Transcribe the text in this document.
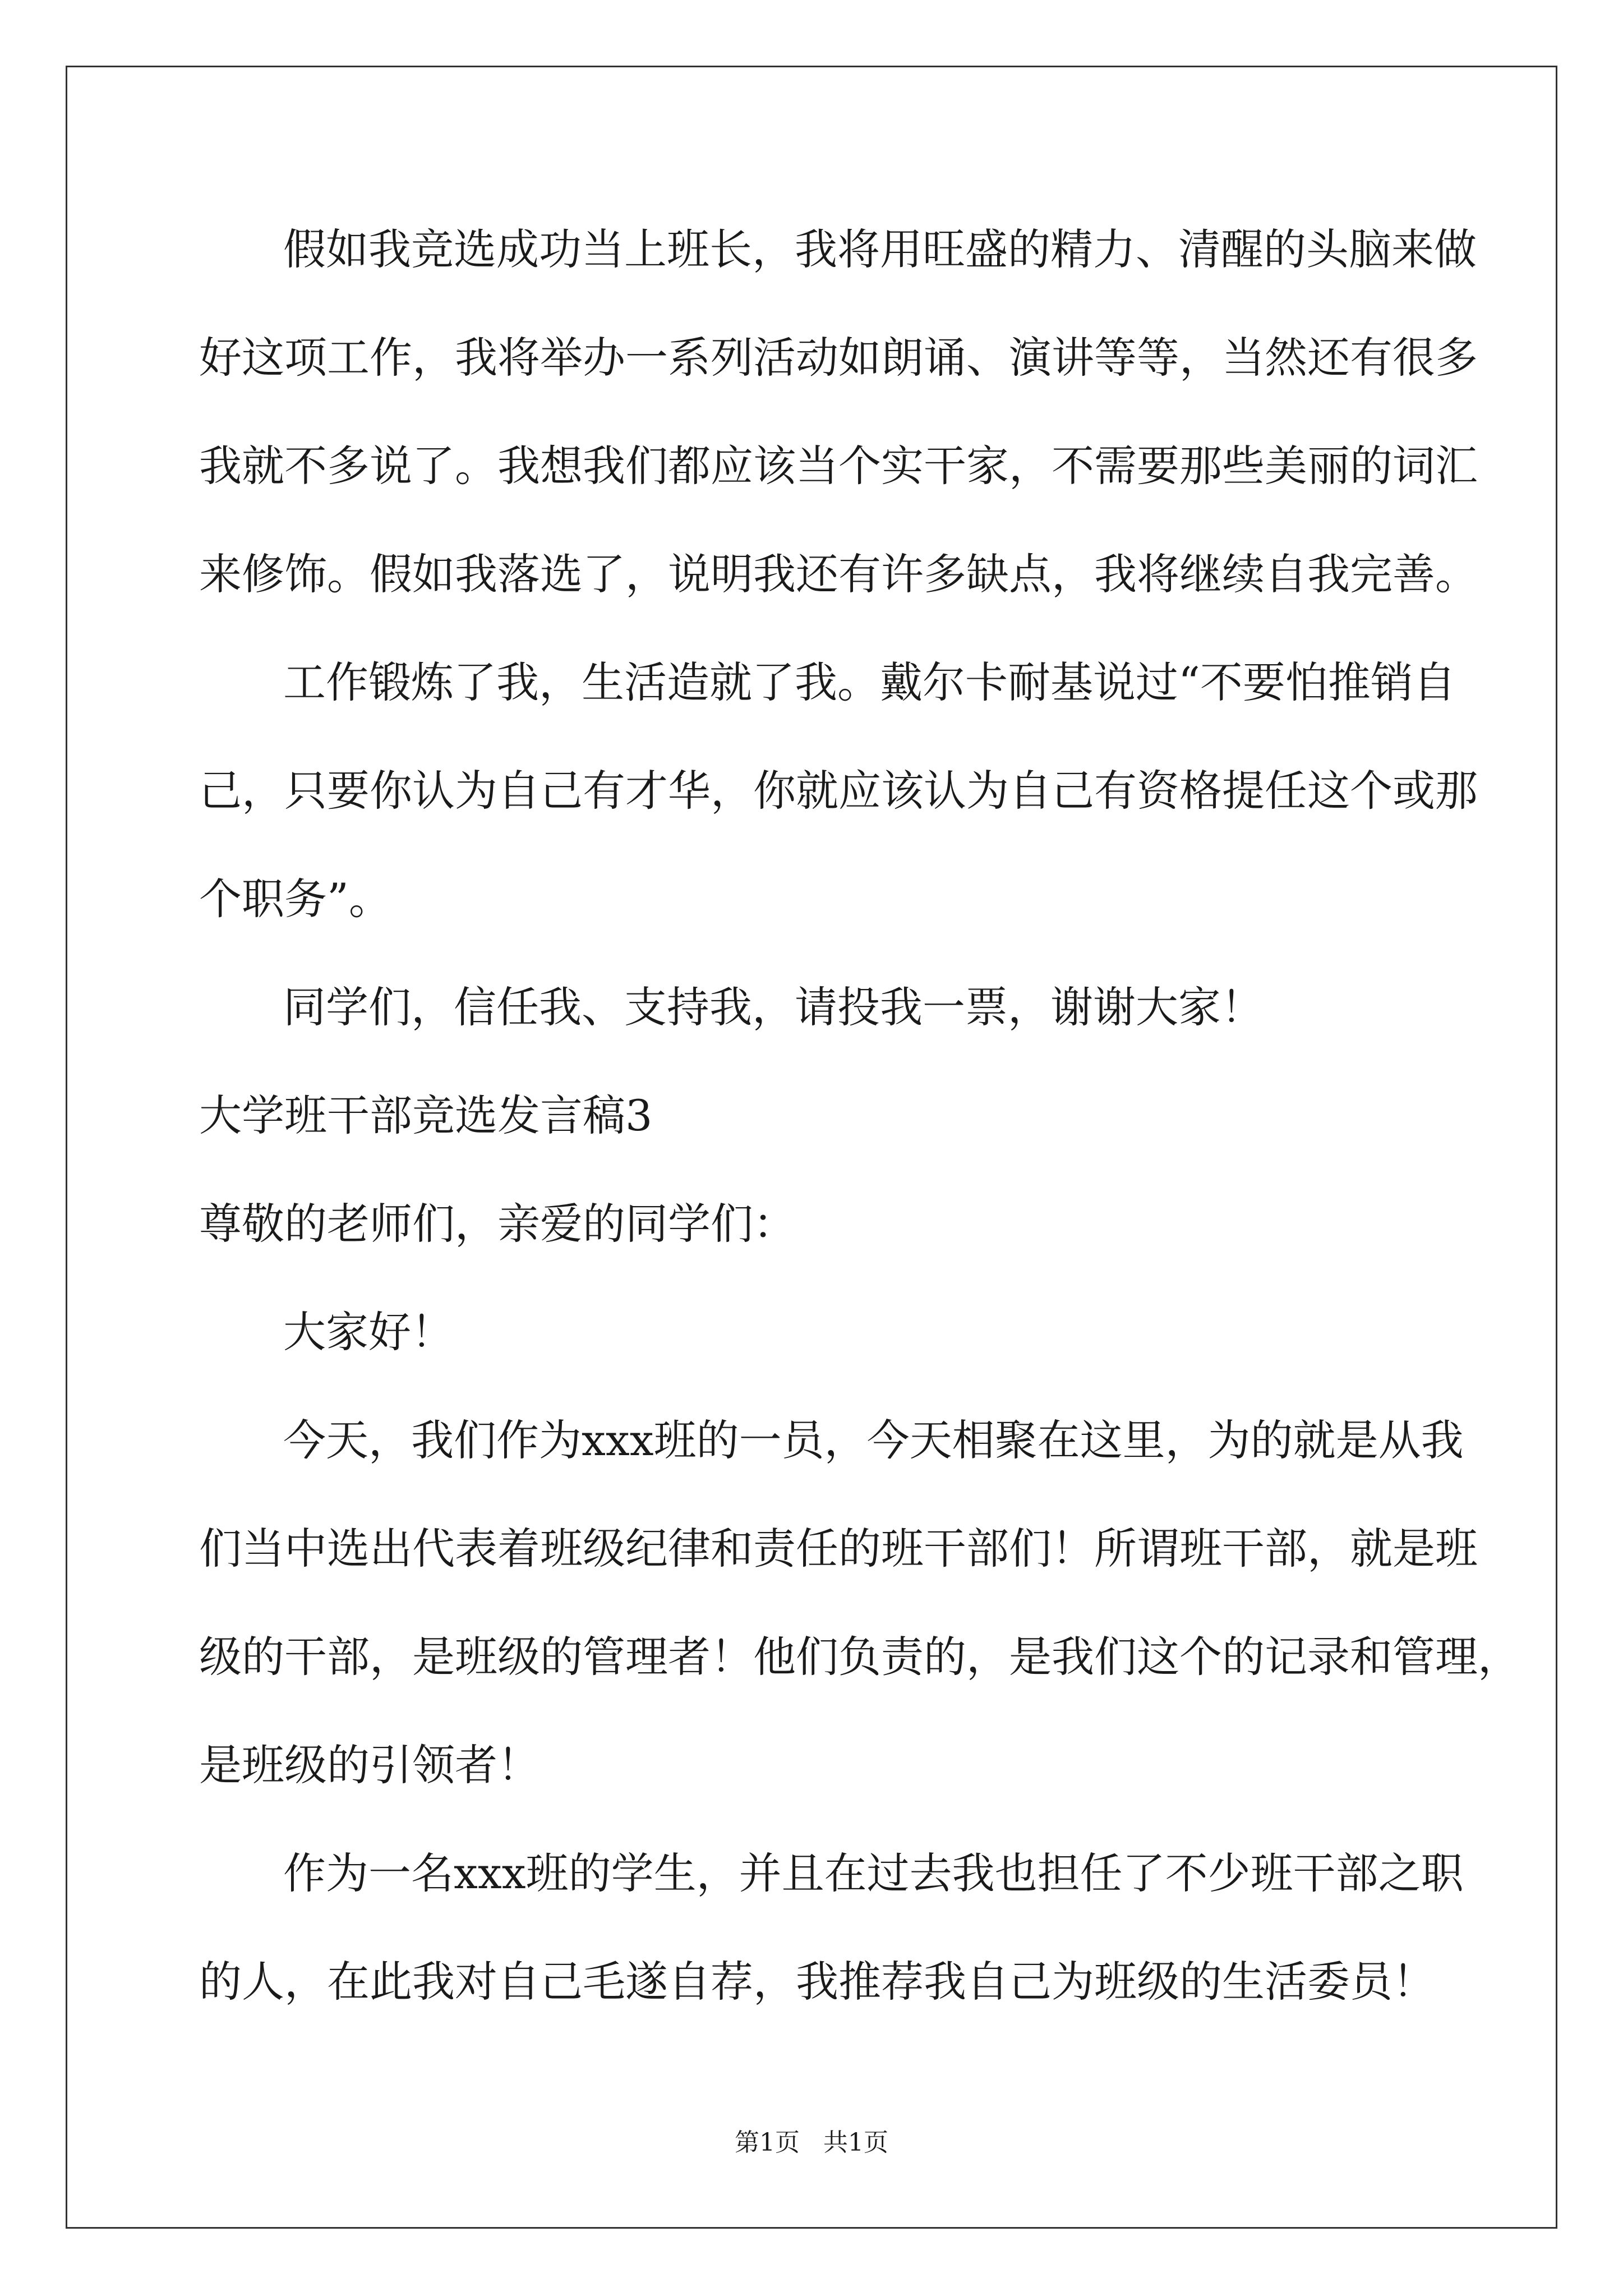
假如我竞选成功当上班长，我将用旺盛的精力、清醒的头脑来做
好这项工作，我将举办一系列活动如朗诵、演讲等等，当然还有很多
我就不多说了。我想我们都应该当个实干家，不需要那些美丽的词汇
来修饰。假如我落选了，说明我还有许多缺点，我将继续自我完善。
工作锻炼了我，生活造就了我。戴尔卡耐基说过“不要怕推销自
己，只要你认为自己有才华，你就应该认为自己有资格提任这个或那
个职务”。
同学们，信任我、支持我，请投我一票，谢谢大家！
大学班干部竞选发言稿3
尊敬的老师们，亲爱的同学们：
大家好！
今天，我们作为xxx班的一员，今天相聚在这里，为的就是从我
们当中选出代表着班级纪律和责任的班干部们！所谓班干部，就是班
级的干部，是班级的管理者！他们负责的，是我们这个的记录和管理，
是班级的引领者！
作为一名xxx班的学生，并且在过去我也担任了不少班干部之职
的人，在此我对自己毛遂自荐，我推荐我自己为班级的生活委员！
第1页   共1页
